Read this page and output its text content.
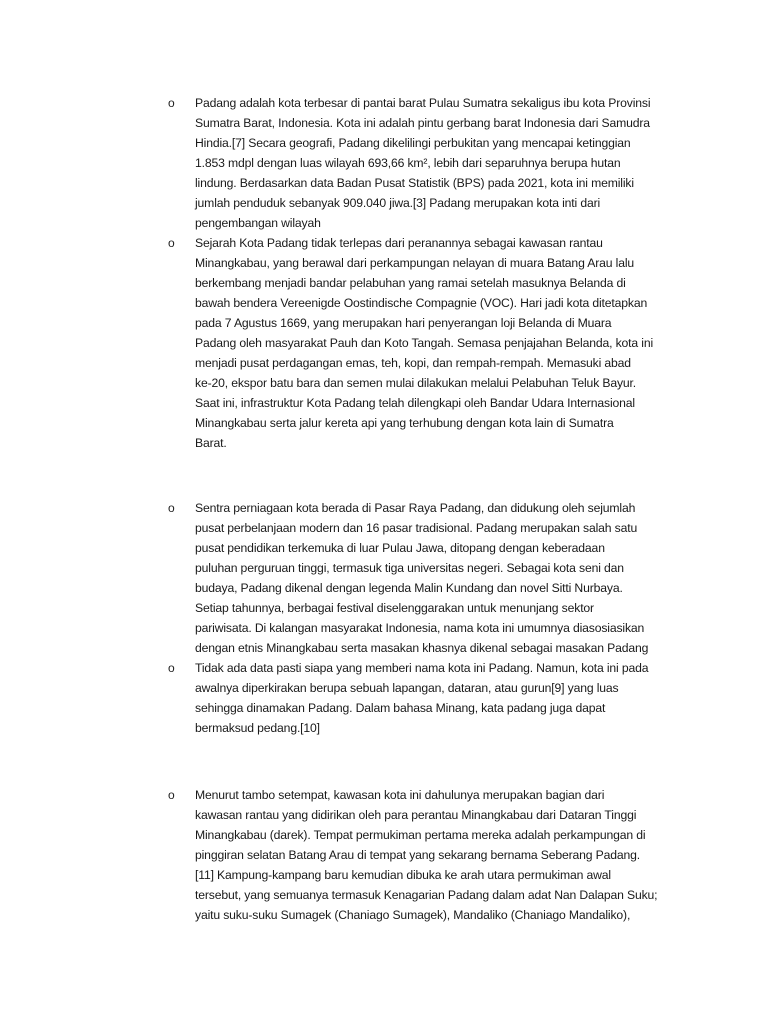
o	Padang adalah kota terbesar di pantai barat Pulau Sumatra sekaligus ibu kota Provinsi
Sumatra Barat, Indonesia. Kota ini adalah pintu gerbang barat Indonesia dari Samudra
Hindia.[7] Secara geografi, Padang dikelilingi perbukitan yang mencapai ketinggian
1.853 mdpl dengan luas wilayah 693,66 km², lebih dari separuhnya berupa hutan
lindung. Berdasarkan data Badan Pusat Statistik (BPS) pada 2021, kota ini memiliki
jumlah penduduk sebanyak 909.040 jiwa.[3] Padang merupakan kota inti dari
pengembangan wilayah
o	Sejarah Kota Padang tidak terlepas dari peranannya sebagai kawasan rantau
Minangkabau, yang berawal dari perkampungan nelayan di muara Batang Arau lalu
berkembang menjadi bandar pelabuhan yang ramai setelah masuknya Belanda di
bawah bendera Vereenigde Oostindische Compagnie (VOC). Hari jadi kota ditetapkan
pada 7 Agustus 1669, yang merupakan hari penyerangan loji Belanda di Muara
Padang oleh masyarakat Pauh dan Koto Tangah. Semasa penjajahan Belanda, kota ini
menjadi pusat perdagangan emas, teh, kopi, dan rempah-rempah. Memasuki abad
ke-20, ekspor batu bara dan semen mulai dilakukan melalui Pelabuhan Teluk Bayur.
Saat ini, infrastruktur Kota Padang telah dilengkapi oleh Bandar Udara Internasional
Minangkabau serta jalur kereta api yang terhubung dengan kota lain di Sumatra
Barat.
o	Sentra perniagaan kota berada di Pasar Raya Padang, dan didukung oleh sejumlah
pusat perbelanjaan modern dan 16 pasar tradisional. Padang merupakan salah satu
pusat pendidikan terkemuka di luar Pulau Jawa, ditopang dengan keberadaan
puluhan perguruan tinggi, termasuk tiga universitas negeri. Sebagai kota seni dan
budaya, Padang dikenal dengan legenda Malin Kundang dan novel Sitti Nurbaya.
Setiap tahunnya, berbagai festival diselenggarakan untuk menunjang sektor
pariwisata. Di kalangan masyarakat Indonesia, nama kota ini umumnya diasosiasikan
dengan etnis Minangkabau serta masakan khasnya dikenal sebagai masakan Padang
o	Tidak ada data pasti siapa yang memberi nama kota ini Padang. Namun, kota ini pada
awalnya diperkirakan berupa sebuah lapangan, dataran, atau gurun[9] yang luas
sehingga dinamakan Padang. Dalam bahasa Minang, kata padang juga dapat
bermaksud pedang.[10]
o	Menurut tambo setempat, kawasan kota ini dahulunya merupakan bagian dari
kawasan rantau yang didirikan oleh para perantau Minangkabau dari Dataran Tinggi
Minangkabau (darek). Tempat permukiman pertama mereka adalah perkampungan di
pinggiran selatan Batang Arau di tempat yang sekarang bernama Seberang Padang.
[11] Kampung-kampang baru kemudian dibuka ke arah utara permukiman awal
tersebut, yang semuanya termasuk Kenagarian Padang dalam adat Nan Dalapan Suku;
yaitu suku-suku Sumagek (Chaniago Sumagek), Mandaliko (Chaniago Mandaliko),
